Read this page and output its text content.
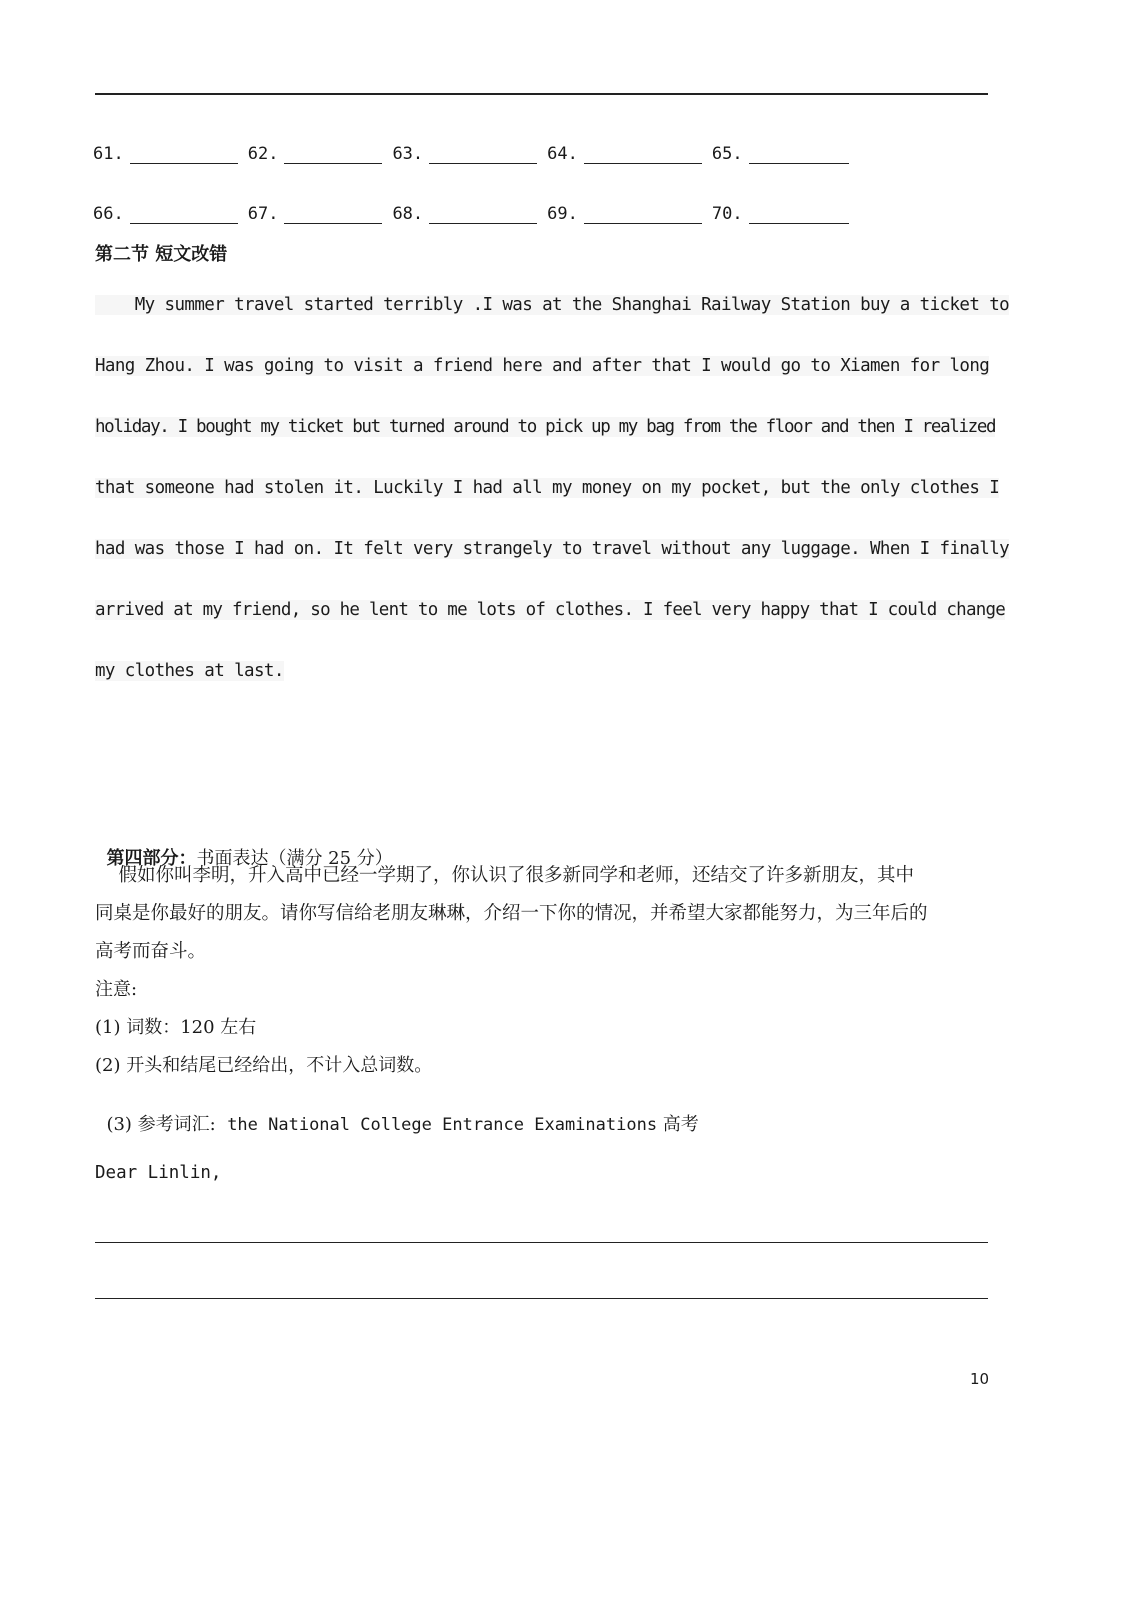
61.	62.	63.	64.	65.
66.	67.	68.	69.	70.
第二节 短文改错
My summer travel started terribly .I was at the Shanghai Railway Station buy a ticket to
Hang Zhou. I was going to visit a friend here and after that I would go to Xiamen for long
holiday. I bought my ticket but turned around to pick up my bag from the floor and then I realized
that someone had stolen it. Luckily I had all my money on my pocket, but the only clothes I
had was those I had on. It felt very strangely to travel without any luggage. When I finally
arrived at my friend, so he lent to me lots of clothes. I feel very happy that I could change
my clothes at last.

第四部分：书面表达（满分 25 分）

假如你叫李明，升入高中已经一学期了，你认识了很多新同学和老师，还结交了许多新朋友，其中
同桌是你最好的朋友。请你写信给老朋友琳琳，介绍一下你的情况，并希望大家都能努力，为三年后的
高考而奋斗。
注意:
(1) 词数：120 左右
(2) 开头和结尾已经给出，不计入总词数。

(3) 参考词汇:  the National College Entrance Examinations 高考

Dear Linlin,
10
